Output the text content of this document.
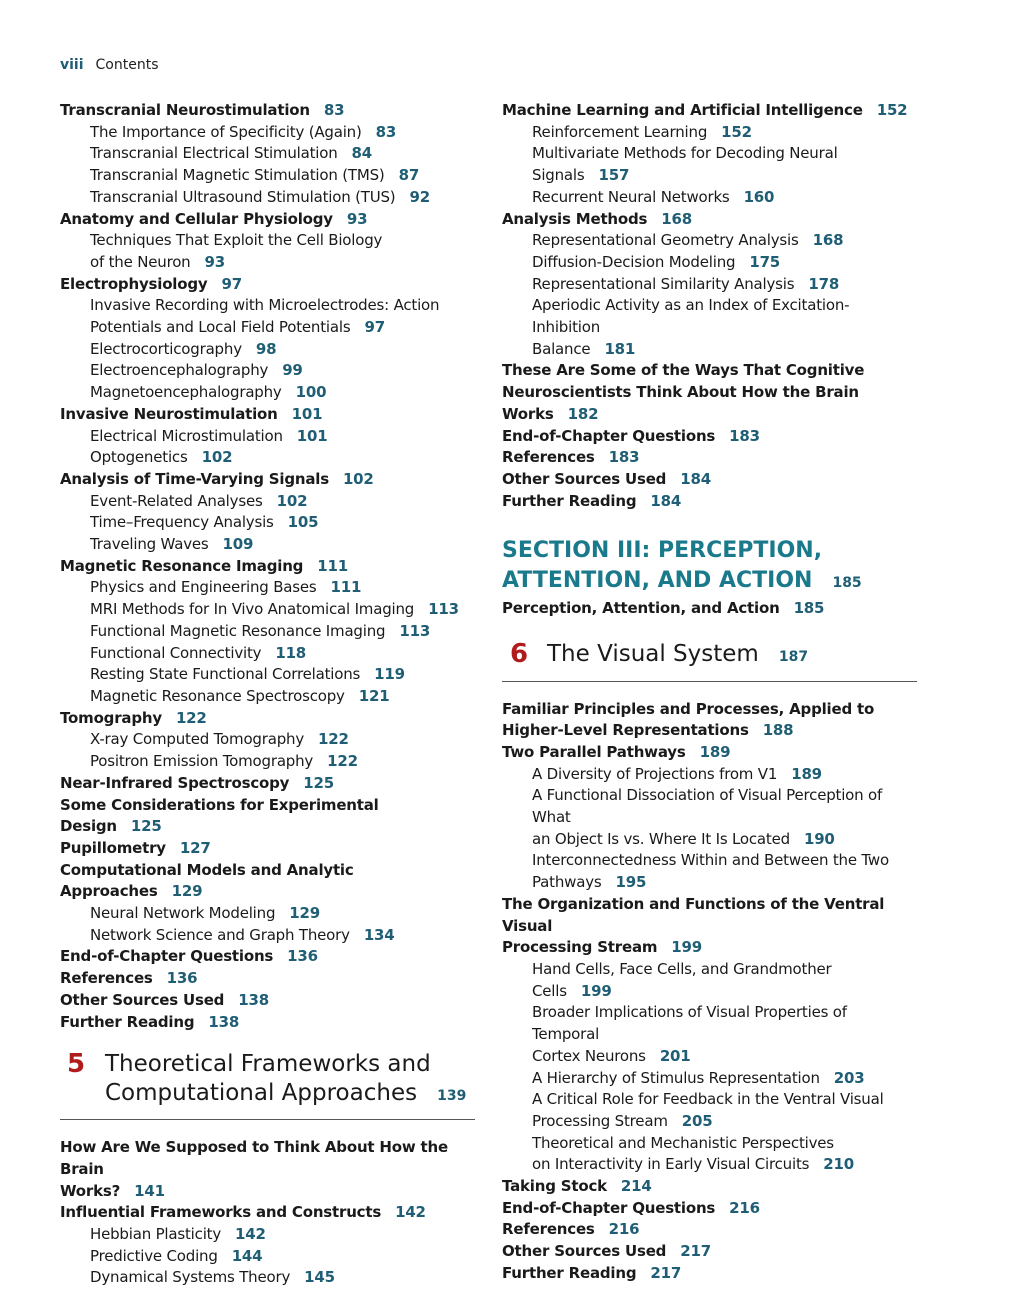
viii Contents
Transcranial Neurostimulation 83
The Importance of Specificity (Again) 83
Transcranial Electrical Stimulation 84
Transcranial Magnetic Stimulation (TMS) 87
Transcranial Ultrasound Stimulation (TUS) 92
Anatomy and Cellular Physiology 93
Techniques That Exploit the Cell Biology
of the Neuron 93
Electrophysiology 97
Invasive Recording with Microelectrodes: Action
Potentials and Local Field Potentials 97
Electrocorticography 98
Electroencephalography 99
Magnetoencephalography 100
Invasive Neurostimulation 101
Electrical Microstimulation 101
Optogenetics 102
Analysis of Time-Varying Signals 102
Event-Related Analyses 102
Time–Frequency Analysis 105
Traveling Waves 109
Magnetic Resonance Imaging 111
Physics and Engineering Bases 111
MRI Methods for In Vivo Anatomical Imaging 113
Functional Magnetic Resonance Imaging 113
Functional Connectivity 118
Resting State Functional Correlations 119
Magnetic Resonance Spectroscopy 121
Tomography 122
X-ray Computed Tomography 122
Positron Emission Tomography 122
Near-Infrared Spectroscopy 125
Some Considerations for Experimental Design 125
Pupillometry 127
Computational Models and Analytic Approaches 129
Neural Network Modeling 129
Network Science and Graph Theory 134
End-of-Chapter Questions 136
References 136
Other Sources Used 138
Further Reading 138
5 Theoretical Frameworks and
Computational Approaches 139
How Are We Supposed to Think About How the Brain
Works? 141
Influential Frameworks and Constructs 142
Hebbian Plasticity 142
Predictive Coding 144
Dynamical Systems Theory 145
Machine Learning and Artificial Intelligence 152
Reinforcement Learning 152
Multivariate Methods for Decoding Neural
Signals 157
Recurrent Neural Networks 160
Analysis Methods 168
Representational Geometry Analysis 168
Diffusion-Decision Modeling 175
Representational Similarity Analysis 178
Aperiodic Activity as an Index of Excitation-Inhibition
Balance 181
These Are Some of the Ways That Cognitive
Neuroscientists Think About How the Brain
Works 182
End-of-Chapter Questions 183
References 183
Other Sources Used 184
Further Reading 184
SECTION III: PERCEPTION,
ATTENTION, AND ACTION 185
Perception, Attention, and Action 185
6 The Visual System 187
Familiar Principles and Processes, Applied to
Higher-Level Representations 188
Two Parallel Pathways 189
A Diversity of Projections from V1 189
A Functional Dissociation of Visual Perception of What
an Object Is vs. Where It Is Located 190
Interconnectedness Within and Between the Two
Pathways 195
The Organization and Functions of the Ventral Visual
Processing Stream 199
Hand Cells, Face Cells, and Grandmother
Cells 199
Broader Implications of Visual Properties of Temporal
Cortex Neurons 201
A Hierarchy of Stimulus Representation 203
A Critical Role for Feedback in the Ventral Visual
Processing Stream 205
Theoretical and Mechanistic Perspectives
on Interactivity in Early Visual Circuits 210
Taking Stock 214
End-of-Chapter Questions 216
References 216
Other Sources Used 217
Further Reading 217
